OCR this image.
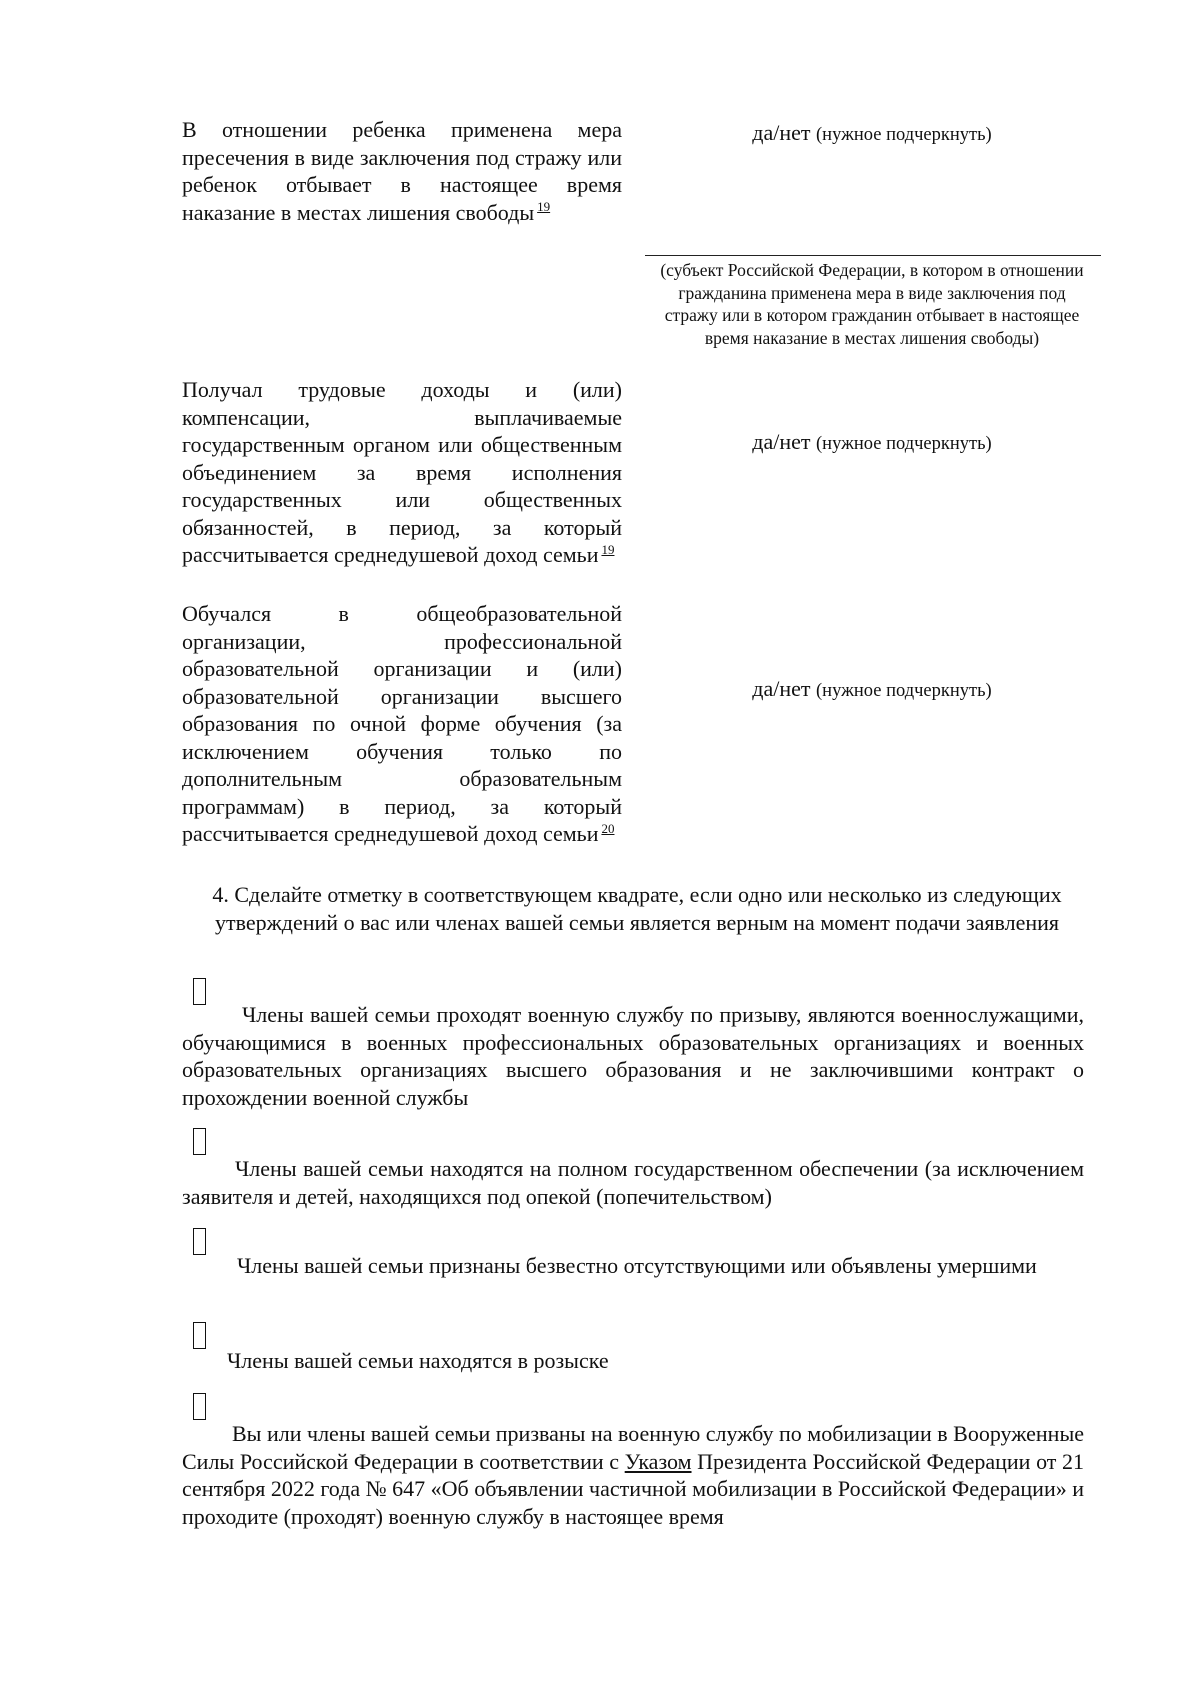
В отношении ребенка применена мера пресечения в виде заключения под стражу или ребенок отбывает в настоящее время наказание в местах лишения свободы $^{19}$
да/нет (нужное подчеркнуть)
(субъект Российской Федерации, в котором в отношении гражданина применена мера в виде заключения под стражу или в котором гражданин отбывает в настоящее время наказание в местах лишения свободы)
Получал трудовые доходы и (или) компенсации, выплачиваемые государственным органом или общественным объединением за время исполнения государственных или общественных обязанностей, в период, за который рассчитывается среднедушевой доход семьи $^{19}$
да/нет (нужное подчеркнуть)
Обучался в общеобразовательной организации, профессиональной образовательной организации и (или) образовательной организации высшего образования по очной форме обучения (за исключением обучения только по дополнительным образовательным программам) в период, за который рассчитывается среднедушевой доход семьи $^{20}$
да/нет (нужное подчеркнуть)
4. Сделайте отметку в соответствующем квадрате, если одно или несколько из следующих утверждений о вас или членах вашей семьи является верным на момент подачи заявления
Члены вашей семьи проходят военную службу по призыву, являются военнослужащими, обучающимися в военных профессиональных образовательных организациях и военных образовательных организациях высшего образования и не заключившими контракт о прохождении военной службы
Члены вашей семьи находятся на полном государственном обеспечении (за исключением заявителя и детей, находящихся под опекой (попечительством)
Члены вашей семьи признаны безвестно отсутствующими или объявлены умершими
Члены вашей семьи находятся в розыске
Вы или члены вашей семьи призваны на военную службу по мобилизации в Вооруженные Силы Российской Федерации в соответствии с Указом Президента Российской Федерации от 21 сентября 2022 года № 647 «Об объявлении частичной мобилизации в Российской Федерации» и проходите (проходят) военную службу в настоящее время
